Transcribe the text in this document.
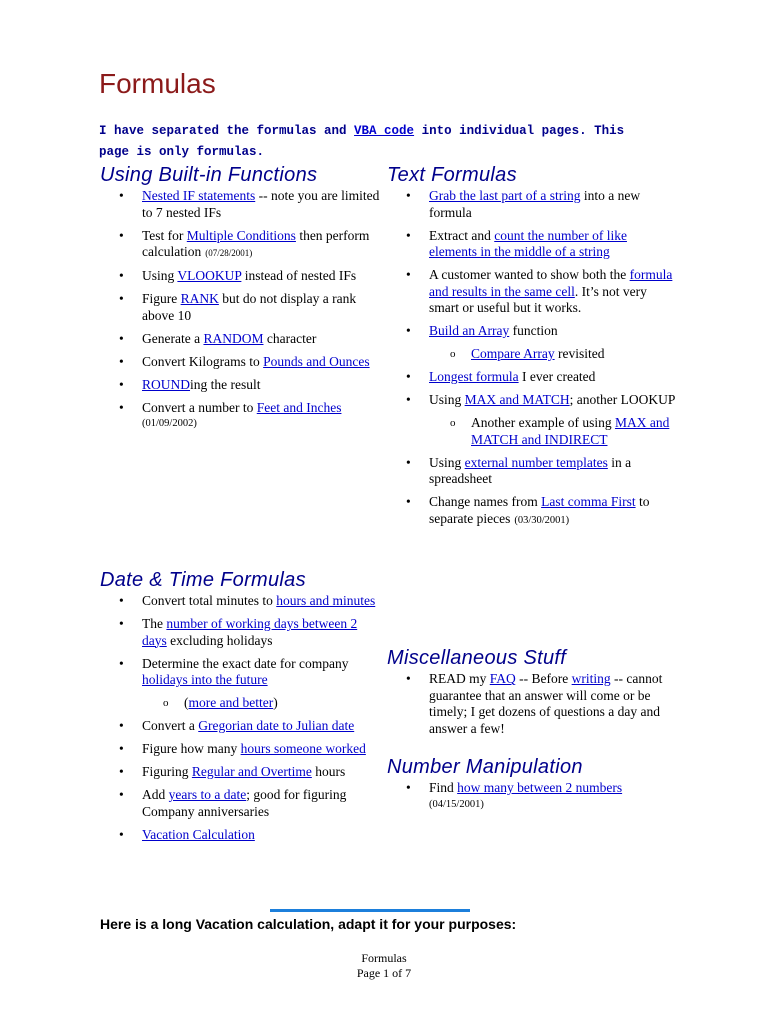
Formulas

I have separated the formulas and VBA code into individual pages. This page is only formulas.

Using Built-in Functions
• Nested IF statements -- note you are limited to 7 nested IFs
• Test for Multiple Conditions then perform calculation (07/28/2001)
• Using VLOOKUP instead of nested IFs
• Figure RANK but do not display a rank above 10
• Generate a RANDOM character
• Convert Kilograms to Pounds and Ounces
• ROUNDing the result
• Convert a number to Feet and Inches
(01/09/2002)
Text Formulas
• Grab the last part of a string into a new formula
• Extract and count the number of like elements in the middle of a string
• A customer wanted to show both the formula and results in the same cell. It’s not very smart or useful but it works.
• Build an Array function
o Compare Array revisited
• Longest formula I ever created
• Using MAX and MATCH; another LOOKUP
o Another example of using MAX and MATCH and INDIRECT
• Using external number templates in a spreadsheet
• Change names from Last comma First to separate pieces (03/30/2001)
Date & Time Formulas
• Convert total minutes to hours and minutes
• The number of working days between 2 days excluding holidays
• Determine the exact date for company holidays into the future
o (more and better)
• Convert a Gregorian date to Julian date
• Figure how many hours someone worked
• Figuring Regular and Overtime hours
• Add years to a date; good for figuring Company anniversaries
• Vacation Calculation
Miscellaneous Stuff
• READ my FAQ -- Before writing -- cannot guarantee that an answer will come or be timely; I get dozens of questions a day and answer a few!
Number Manipulation
• Find how many between 2 numbers
(04/15/2001)

Here is a long Vacation calculation, adapt it for your purposes:

Formulas
Page 1 of 7
